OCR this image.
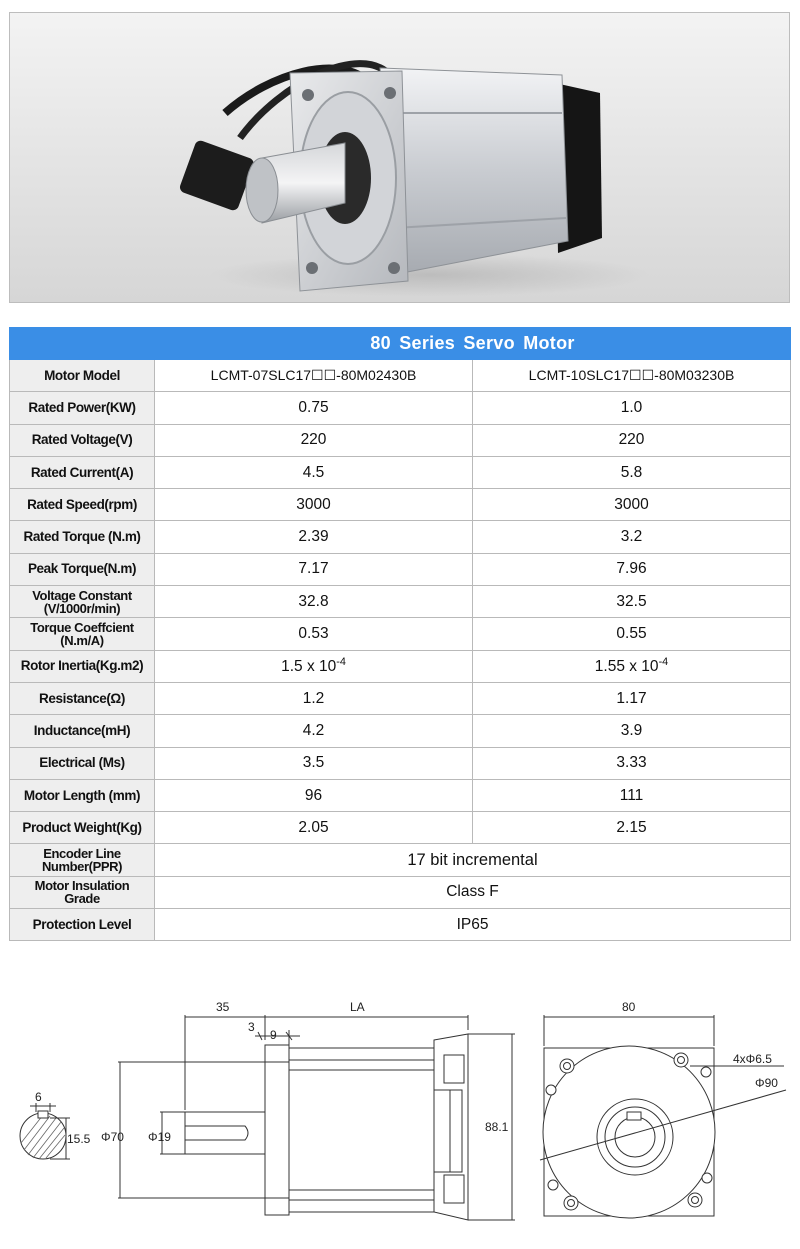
	80 Series Servo Motor	
Motor Model	LCMT-07SLC17☐☐-80M02430B	LCMT-10SLC17☐☐-80M03230B
Rated Power(KW)	0.75	1.0
Rated Voltage(V)	220	220
Rated Current(A)	4.5	5.8
Rated Speed(rpm)	3000	3000
Rated Torque (N.m)	2.39	3.2
Peak Torque(N.m)	7.17	7.96
Voltage Constant
(V/1000r/min)	32.8	32.5
Torque Coeffcient
(N.m/A)	0.53	0.55
Rotor Inertia(Kg.m2)	1.5 x $10^{-4}$	1.55 x $10^{-4}$
Resistance(Ω)	1.2	1.17
Inductance(mH)	4.2	3.9
Electrical (Ms)	3.5	3.33
Motor Length (mm)	96	111
Product Weight(Kg)	2.05	2.15
Encoder Line
Number(PPR)	17 bit incremental	
Motor Insulation
Grade	Class F	
Protection Level	IP65	
6
15.5
35	LA
3
9
Φ70 Φ19
88.1
80
4xΦ6.5
Φ90
